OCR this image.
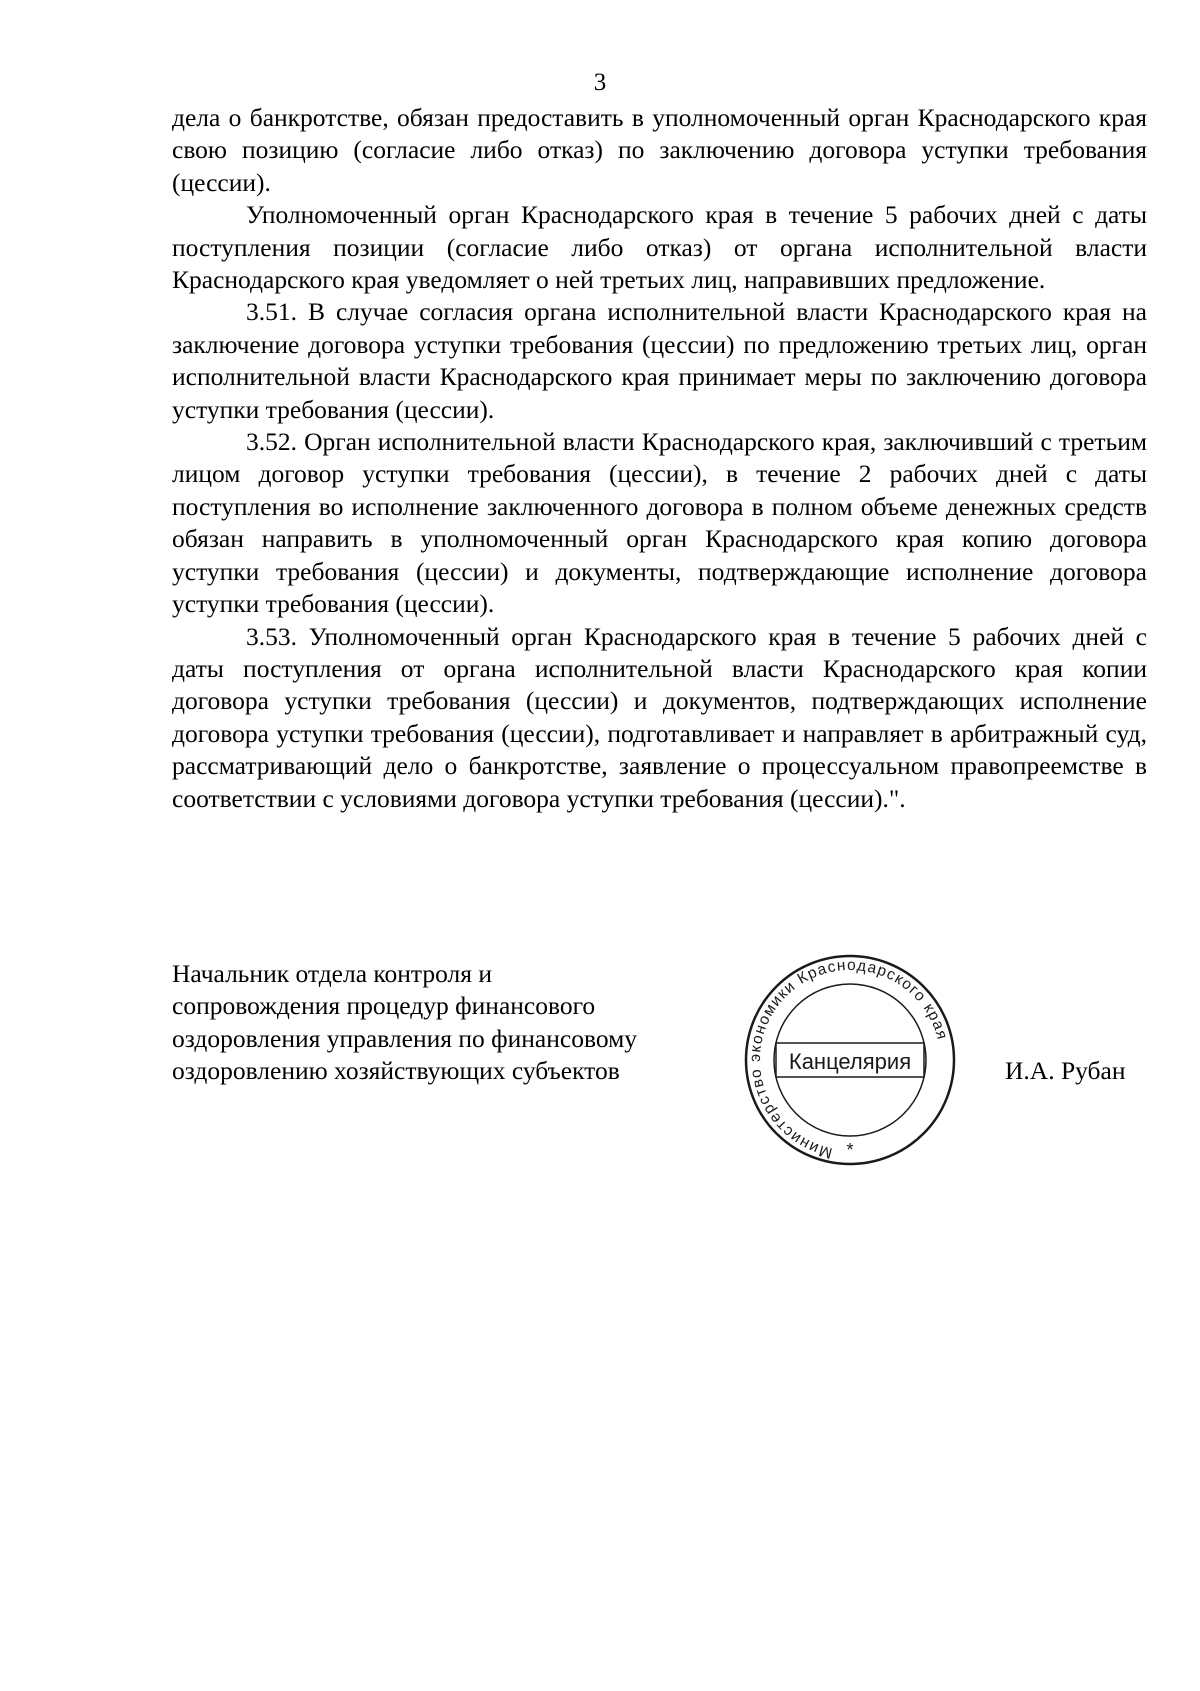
3

дела о банкротстве, обязан предоставить в уполномоченный орган Краснодарского края свою позицию (согласие либо отказ) по заключению договора уступки требования (цессии).

Уполномоченный орган Краснодарского края в течение 5 рабочих дней с даты поступления позиции (согласие либо отказ) от органа исполнительной власти Краснодарского края уведомляет о ней третьих лиц, направивших предложение.

3.51. В случае согласия органа исполнительной власти Краснодарского края на заключение договора уступки требования (цессии) по предложению третьих лиц, орган исполнительной власти Краснодарского края принимает меры по заключению договора уступки требования (цессии).

3.52. Орган исполнительной власти Краснодарского края, заключивший с третьим лицом договор уступки требования (цессии), в течение 2 рабочих дней с даты поступления во исполнение заключенного договора в полном объеме денежных средств обязан направить в уполномоченный орган Краснодарского края копию договора уступки требования (цессии) и документы, подтверждающие исполнение договора уступки требования (цессии).

3.53. Уполномоченный орган Краснодарского края в течение 5 рабочих дней с даты поступления от органа исполнительной власти Краснодарского края копии договора уступки требования (цессии) и документов, подтверждающих исполнение договора уступки требования (цессии), подготавливает и направляет в арбитражный суд, рассматривающий дело о банкротстве, заявление о процессуальном правопреемстве в соответствии с условиями договора уступки требования (цессии).".

Начальник отдела контроля и
сопровождения процедур финансового
оздоровления управления по финансовому
оздоровлению хозяйствующих субъектов
Министерство экономики Краснодарского края
*
Канцелярия	И.А. Рубан
